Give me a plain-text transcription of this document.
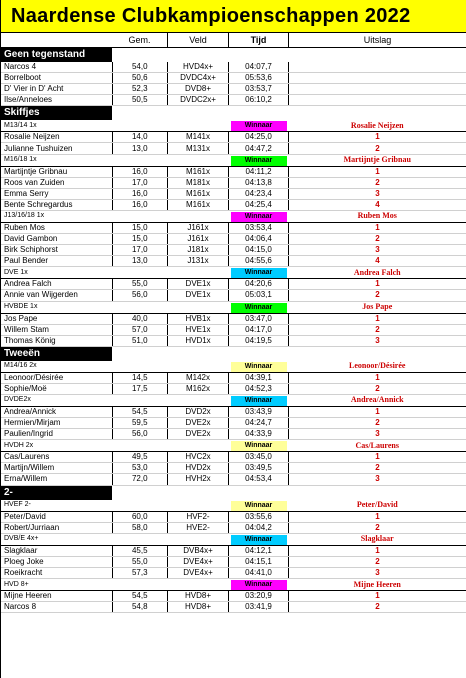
Naardense Clubkampioenschappen 2022
	Gem.	Veld	Tijd	Uitslag
Geen tegenstand				
Narcos 4	54,0	HVD4x+	04:07,7	
Borrelboot	50,6	DVDC4x+	05:53,6	
D' Vier in D' Acht	52,3	DVD8+	03:53,7	
Ilse/Anneloes	50,5	DVDC2x+	06:10,2	
Skiffjes				
M13/14 1x			Winnaar	Rosalie Neijzen
Rosalie Neijzen	14,0	M141x	04:25,0	1
Julianne Tushuizen	13,0	M131x	04:47,2	2
M16/18 1x			Winnaar	Martijntje Gribnau
Martijntje Gribnau	16,0	M161x	04:11,2	1
Roos van Zuiden	17,0	M181x	04:13,8	2
Emma Serry	16,0	M161x	04:23,4	3
Bente Schregardus	16,0	M161x	04:25,4	4
J13/16/18 1x			Winnaar	Ruben Mos
Ruben Mos	15,0	J161x	03:53,4	1
David Gambon	15,0	J161x	04:06,4	2
Birk Schiphorst	17,0	J181x	04:15,0	3
Paul Bender	13,0	J131x	04:55,6	4
DVE 1x			Winnaar	Andrea Falch
Andrea Falch	55,0	DVE1x	04:20,6	1
Annie van Wijgerden	56,0	DVE1x	05:03,1	2
HVBDE 1x			Winnaar	Jos Pape
Jos Pape	40,0	HVB1x	03:47,0	1
Willem Stam	57,0	HVE1x	04:17,0	2
Thomas König	51,0	HVD1x	04:19,5	3
Tweeën				
M14/16 2x			Winnaar	Leonoor/Désirée
Leonoor/Désirée	14,5	M142x	04:39,1	1
Sophie/Moë	17,5	M162x	04:52,3	2
DVDE2x			Winnaar	Andrea/Annick
Andrea/Annick	54,5	DVD2x	03:43,9	1
Hermien/Mirjam	59,5	DVE2x	04:24,7	2
Paulien/Ingrid	56,0	DVE2x	04:33,9	3
HVDH 2x			Winnaar	Cas/Laurens
Cas/Laurens	49,5	HVC2x	03:45,0	1
Martijn/Willem	53,0	HVD2x	03:49,5	2
Erna/Willem	72,0	HVH2x	04:53,4	3
2-				
HVEF 2-			Winnaar	Peter/David
Peter/David	60,0	HVF2-	03:55,6	1
Robert/Jurriaan	58,0	HVE2-	04:04,2	2
DVB/E 4x+			Winnaar	Slagklaar
Slagklaar	45,5	DVB4x+	04:12,1	1
Ploeg Joke	55,0	DVE4x+	04:15,1	2
Roeikracht	57,3	DVE4x+	04:41,0	3
HVD 8+			Winnaar	Mijne Heeren
Mijne Heeren	54,5	HVD8+	03:20,9	1
Narcos 8	54,8	HVD8+	03:41,9	2
